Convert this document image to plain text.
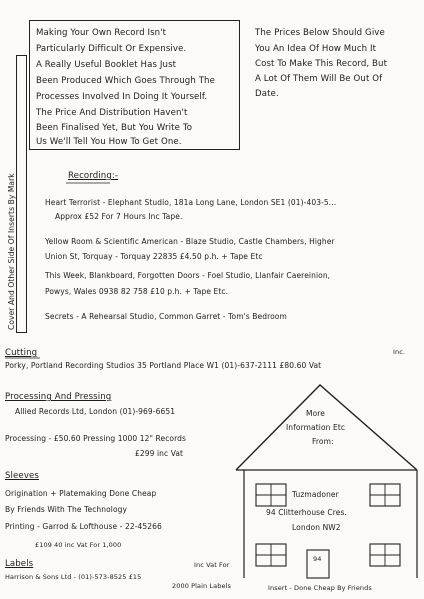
Cover And Other Side Of Inserts By Mark
Making Your Own Record Isn't
Particularly Difficult Or Expensive.
A Really Useful Booklet Has Just
Been Produced Which Goes Through The
Processes Involved In Doing It Yourself.
The Price And Distribution Haven't
Been Finalised Yet, But You Write To
Us We'll Tell You How To Get One.
The Prices Below Should Give
You An Idea Of How Much It
Cost To Make This Record, But
A Lot Of Them Will Be Out Of
Date.
Recording:-
Heart Terrorist - Elephant Studio, 181a Long Lane, London SE1 (01)-403-5...
Approx £52 For 7 Hours Inc Tape.
Yellow Room & Scientific American - Blaze Studio, Castle Chambers, Higher
Union St, Torquay - Torquay 22835 £4.50 p.h. + Tape Etc
This Week, Blankboard, Forgotten Doors - Foel Studio, Llanfair Caereinion,
Powys, Wales 0938 82 758 £10 p.h. + Tape Etc.
Secrets - A Rehearsal Studio, Common Garret - Tom's Bedroom
Cutting	Inc.
Porky, Portland Recording Studios 35 Portland Place W1 (01)-637-2111 £80.60 Vat
Processing And Pressing
Allied Records Ltd, London (01)-969-6651
Processing - £50.60 Pressing 1000 12" Records
£299 inc Vat
Sleeves
Origination + Platemaking Done Cheap
By Friends With The Technology
Printing - Garrod & Lofthouse - 22-45266
£109 40 inc Vat For 1,000
Labels
Harrison & Sons Ltd - (01)-573-8525 £15
Inc Vat For
2000 Plain Labels	Insert - Done Cheap By Friends
More
Information Etc
From:
Tuzmadoner
94 Clitterhouse Cres.
London NW2
94
